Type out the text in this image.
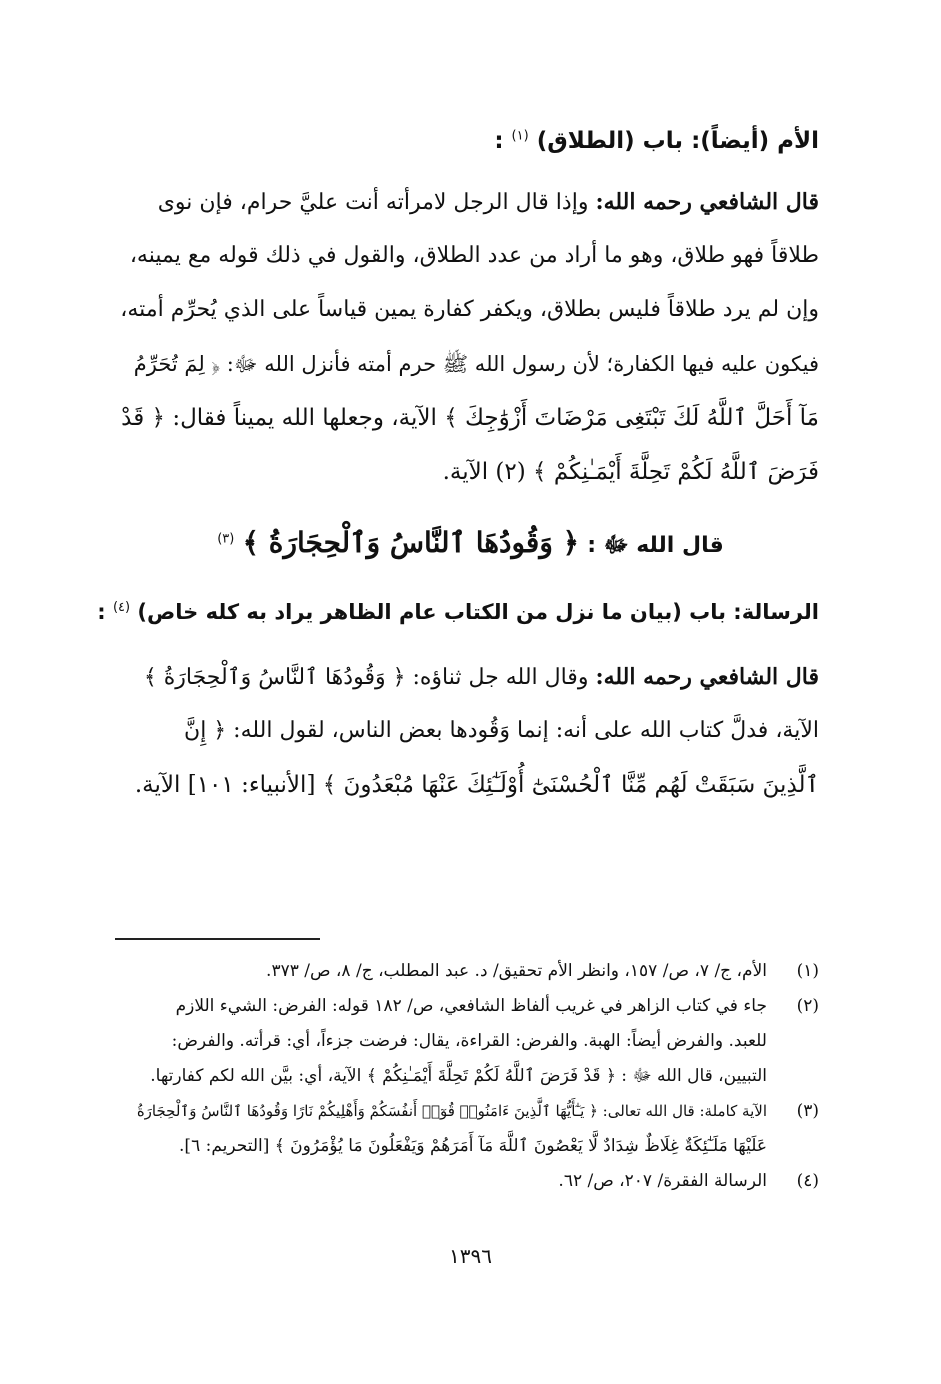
الأم (أيضاً): باب (الطلاق) $^{(١)}$ :
قال الشافعي رحمه الله: وإذا قال الرجل لامرأته أنت عليَّ حرام، فإن نوى
طلاقاً فهو طلاق، وهو ما أراد من عدد الطلاق، والقول في ذلك قوله مع يمينه،
وإن لم يرد طلاقاً فليس بطلاق، ويكفر كفارة يمين قياساً على الذي يُحرِّم أمته،
فيكون عليه فيها الكفارة؛ لأن رسول الله ﷺ حرم أمته فأنزل الله ﷻ: ﴿ لِمَ تُحَرِّمُ
مَآ أَحَلَّ ٱللَّهُ لَكَ تَبْتَغِى مَرْضَاتَ أَزْوَٰجِكَ ﴾ الآية، وجعلها الله يميناً فقال: ﴿ قَدْ
فَرَضَ ٱللَّهُ لَكُمْ تَحِلَّةَ أَيْمَـٰنِكُمْ ﴾ (٢) الآية.
قال الله ﷻ : ﴿ وَقُودُهَا ٱلنَّاسُ وَٱلْحِجَارَةُ ﴾ $^{(٣)}$
الرسالة: باب (بيان ما نزل من الكتاب عام الظاهر يراد به كله خاص) $^{(٤)}$ :
قال الشافعي رحمه الله: وقال الله جل ثناؤه: ﴿ وَقُودُهَا ٱلنَّاسُ وَٱلْحِجَارَةُ ﴾
الآية، فدلَّ كتاب الله على أنه: إنما وَقُودها بعض الناس، لقول الله: ﴿ إِنَّ
ٱلَّذِينَ سَبَقَتْ لَهُم مِّنَّا ٱلْحُسْنَىٰٓ أُوْلَـٰٓئِكَ عَنْهَا مُبْعَدُونَ ﴾ [الأنبياء: ١٠١] الآية.
(١)
الأم، ج/ ٧، ص/ ١٥٧، وانظر الأم تحقيق/ د. عبد المطلب، ج/ ٨، ص/ ٣٧٣.
(٢)
جاء في كتاب الزاهر في غريب ألفاظ الشافعي، ص/ ١٨٢ قوله: الفرض: الشيء اللازم
للعبد. والفرض أيضاً: الهبة. والفرض: القراءة، يقال: فرضت جزءاً، أي: قرأته. والفرض:
التبيين، قال الله ﷻ : ﴿ قَدْ فَرَضَ ٱللَّهُ لَكُمْ تَحِلَّةَ أَيْمَـٰنِكُمْ ﴾ الآية، أي: بيَّن الله لكم كفارتها.
(٣)
الآية كاملة: قال الله تعالى: ﴿ يَـٰٓأَيُّهَا ٱلَّذِينَ ءَامَنُوا۟ قُوٓا۟ أَنفُسَكُمْ وَأَهْلِيكُمْ نَارًا وَقُودُهَا ٱلنَّاسُ وَٱلْحِجَارَةُ
عَلَيْهَا مَلَـٰٓئِكَةٌ غِلَاظٌ شِدَادٌ لَّا يَعْصُونَ ٱللَّهَ مَآ أَمَرَهُمْ وَيَفْعَلُونَ مَا يُؤْمَرُونَ ﴾ [التحريم: ٦].
(٤)
الرسالة الفقرة/ ٢٠٧، ص/ ٦٢.
١٣٩٦
